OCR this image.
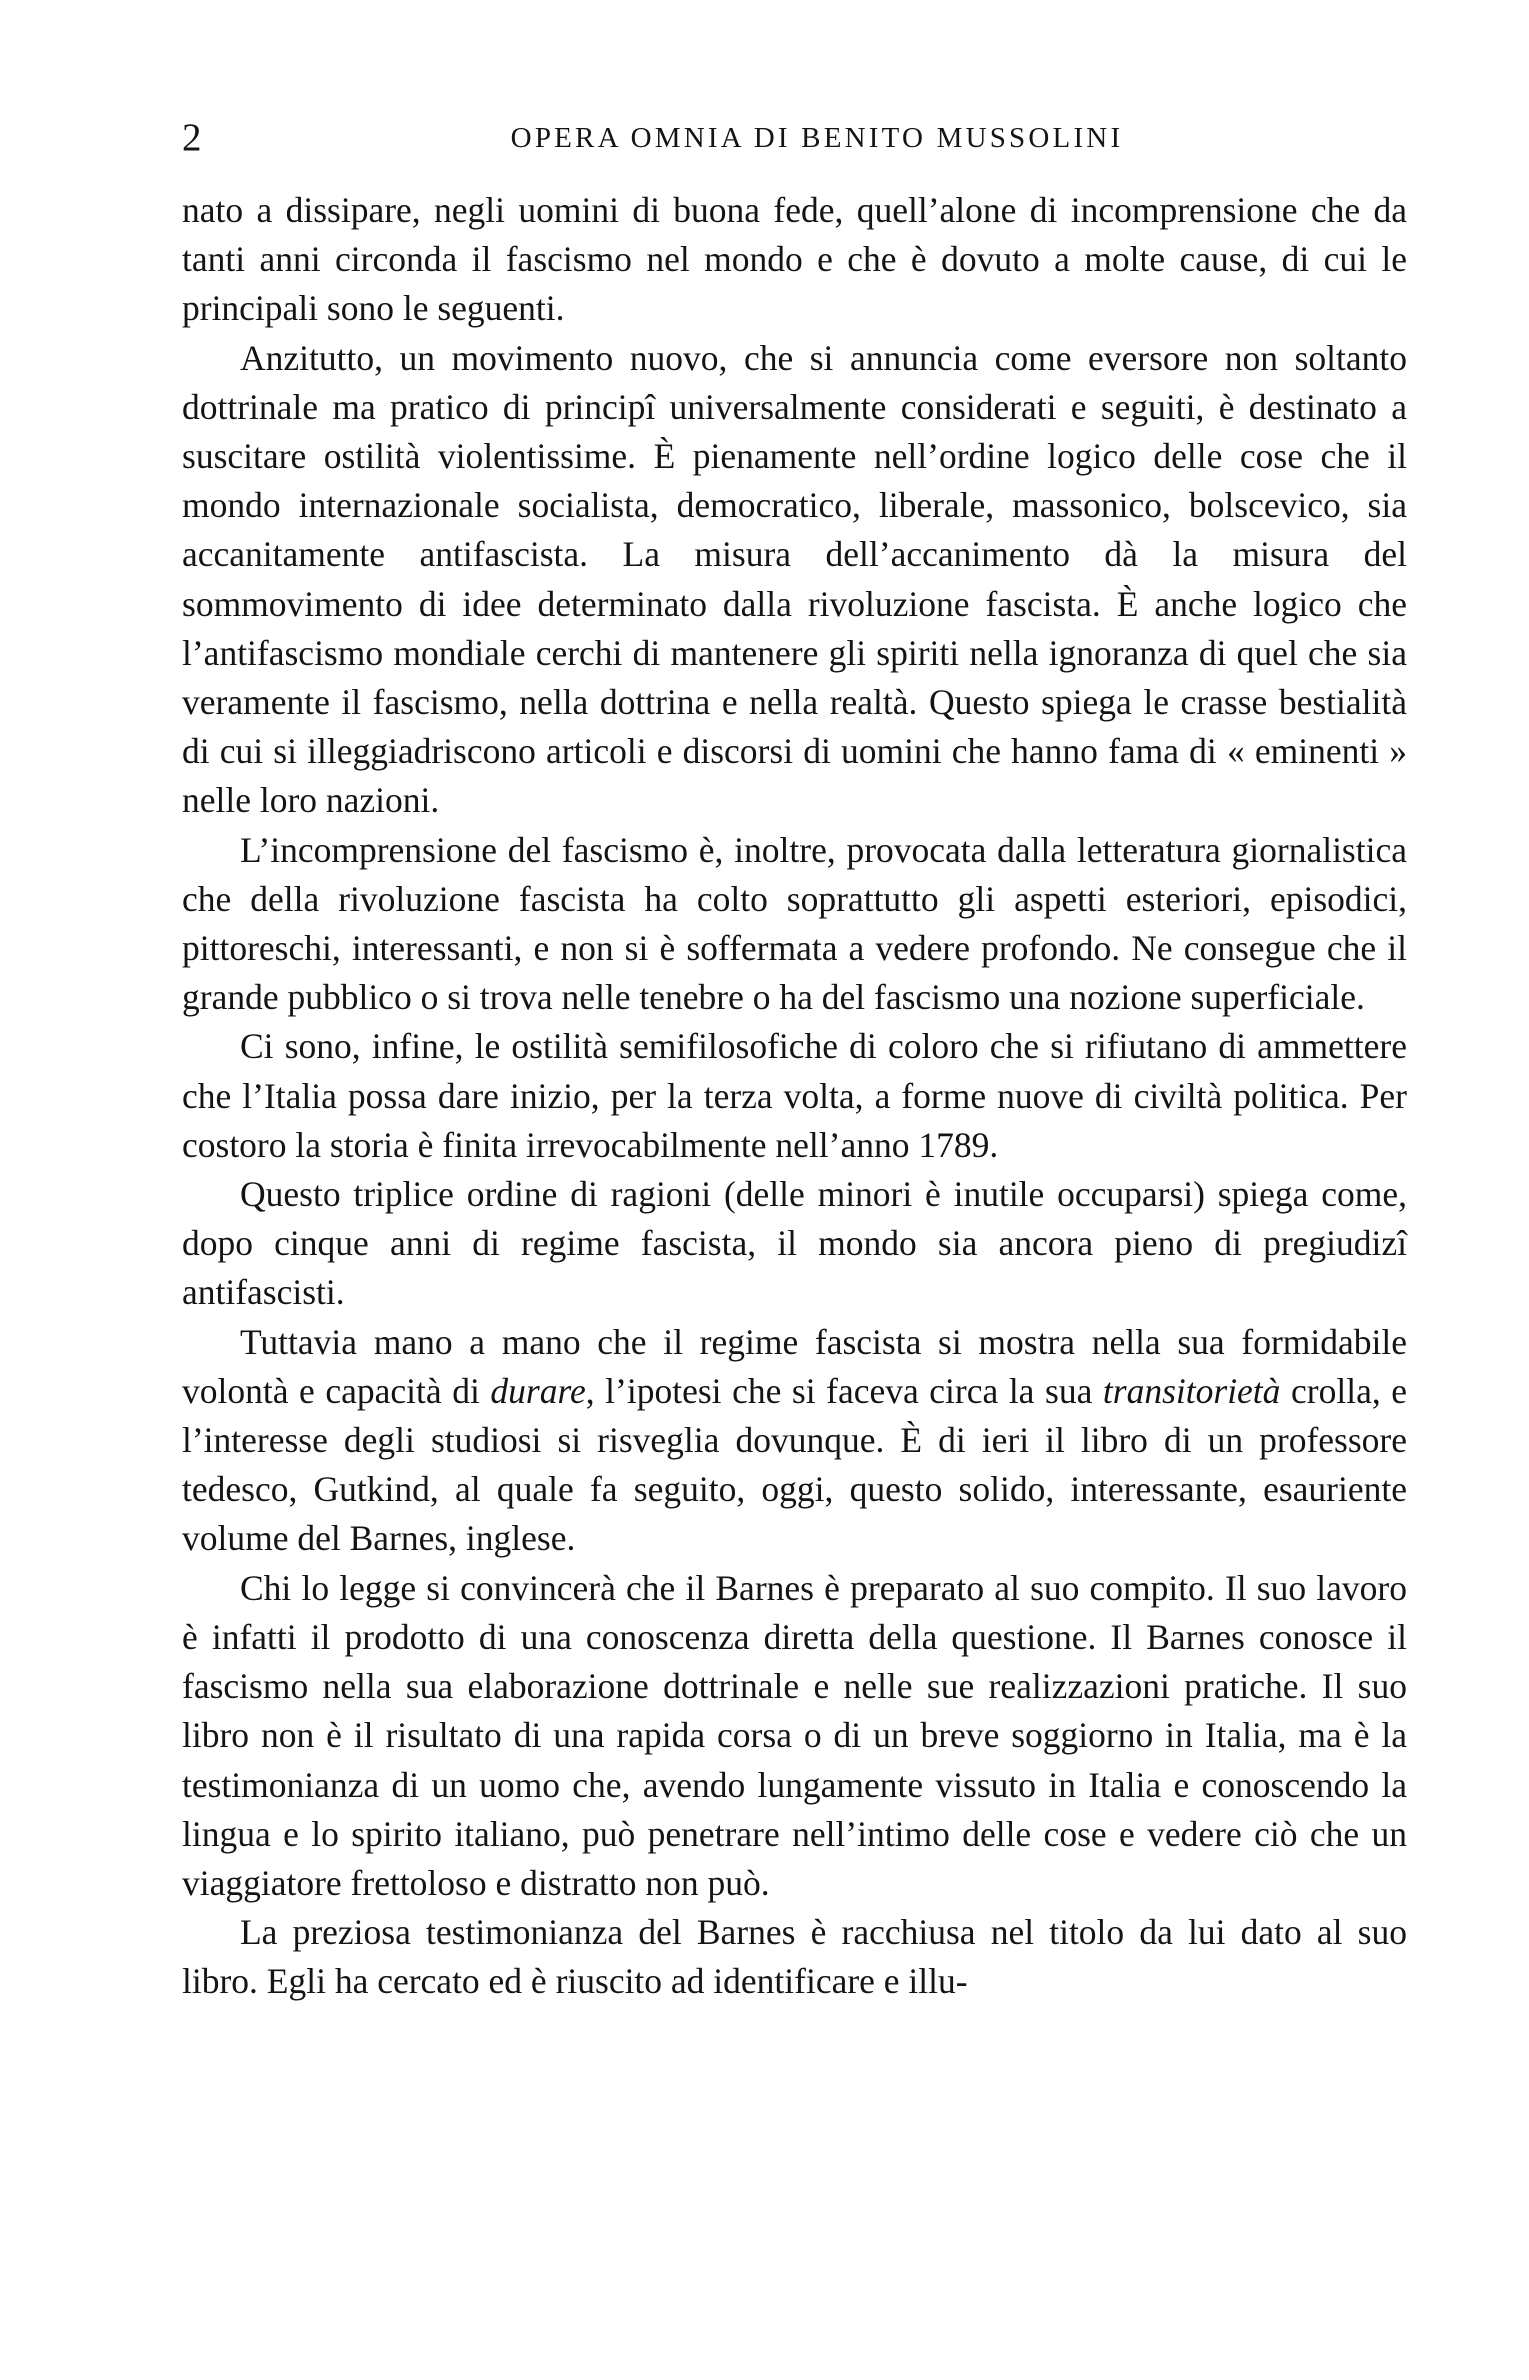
2	OPERA OMNIA DI BENITO MUSSOLINI

nato a dissipare, negli uomini di buona fede, quell’alone di incomprensione che da tanti anni circonda il fascismo nel mondo e che è dovuto a molte cause, di cui le principali sono le seguenti.

Anzitutto, un movimento nuovo, che si annuncia come eversore non soltanto dottrinale ma pratico di principî universalmente considerati e seguiti, è destinato a suscitare ostilità violentissime. È pienamente nell’ordine logico delle cose che il mondo internazionale socialista, democratico, liberale, massonico, bolscevico, sia accanitamente antifascista. La misura dell’accanimento dà la misura del sommovimento di idee determinato dalla rivoluzione fascista. È anche logico che l’antifascismo mondiale cerchi di mantenere gli spiriti nella ignoranza di quel che sia veramente il fascismo, nella dottrina e nella realtà. Questo spiega le crasse bestialità di cui si illeggiadriscono articoli e discorsi di uomini che hanno fama di « eminenti » nelle loro nazioni.

L’incomprensione del fascismo è, inoltre, provocata dalla letteratura giornalistica che della rivoluzione fascista ha colto soprattutto gli aspetti esteriori, episodici, pittoreschi, interessanti, e non si è soffermata a vedere profondo. Ne consegue che il grande pubblico o si trova nelle tenebre o ha del fascismo una nozione superficiale.

Ci sono, infine, le ostilità semifilosofiche di coloro che si rifiutano di ammettere che l’Italia possa dare inizio, per la terza volta, a forme nuove di civiltà politica. Per costoro la storia è finita irrevocabilmente nell’anno 1789.

Questo triplice ordine di ragioni (delle minori è inutile occuparsi) spiega come, dopo cinque anni di regime fascista, il mondo sia ancora pieno di pregiudizî antifascisti.

Tuttavia mano a mano che il regime fascista si mostra nella sua formidabile volontà e capacità di durare, l’ipotesi che si faceva circa la sua transitorietà crolla, e l’interesse degli studiosi si risveglia dovunque. È di ieri il libro di un professore tedesco, Gutkind, al quale fa seguito, oggi, questo solido, interessante, esauriente volume del Barnes, inglese.

Chi lo legge si convincerà che il Barnes è preparato al suo compito. Il suo lavoro è infatti il prodotto di una conoscenza diretta della questione. Il Barnes conosce il fascismo nella sua elaborazione dottrinale e nelle sue realizzazioni pratiche. Il suo libro non è il risultato di una rapida corsa o di un breve soggiorno in Italia, ma è la testimonianza di un uomo che, avendo lungamente vissuto in Italia e conoscendo la lingua e lo spirito italiano, può penetrare nell’intimo delle cose e vedere ciò che un viaggiatore frettoloso e distratto non può.

La preziosa testimonianza del Barnes è racchiusa nel titolo da lui dato al suo libro. Egli ha cercato ed è riuscito ad identificare e illu-
